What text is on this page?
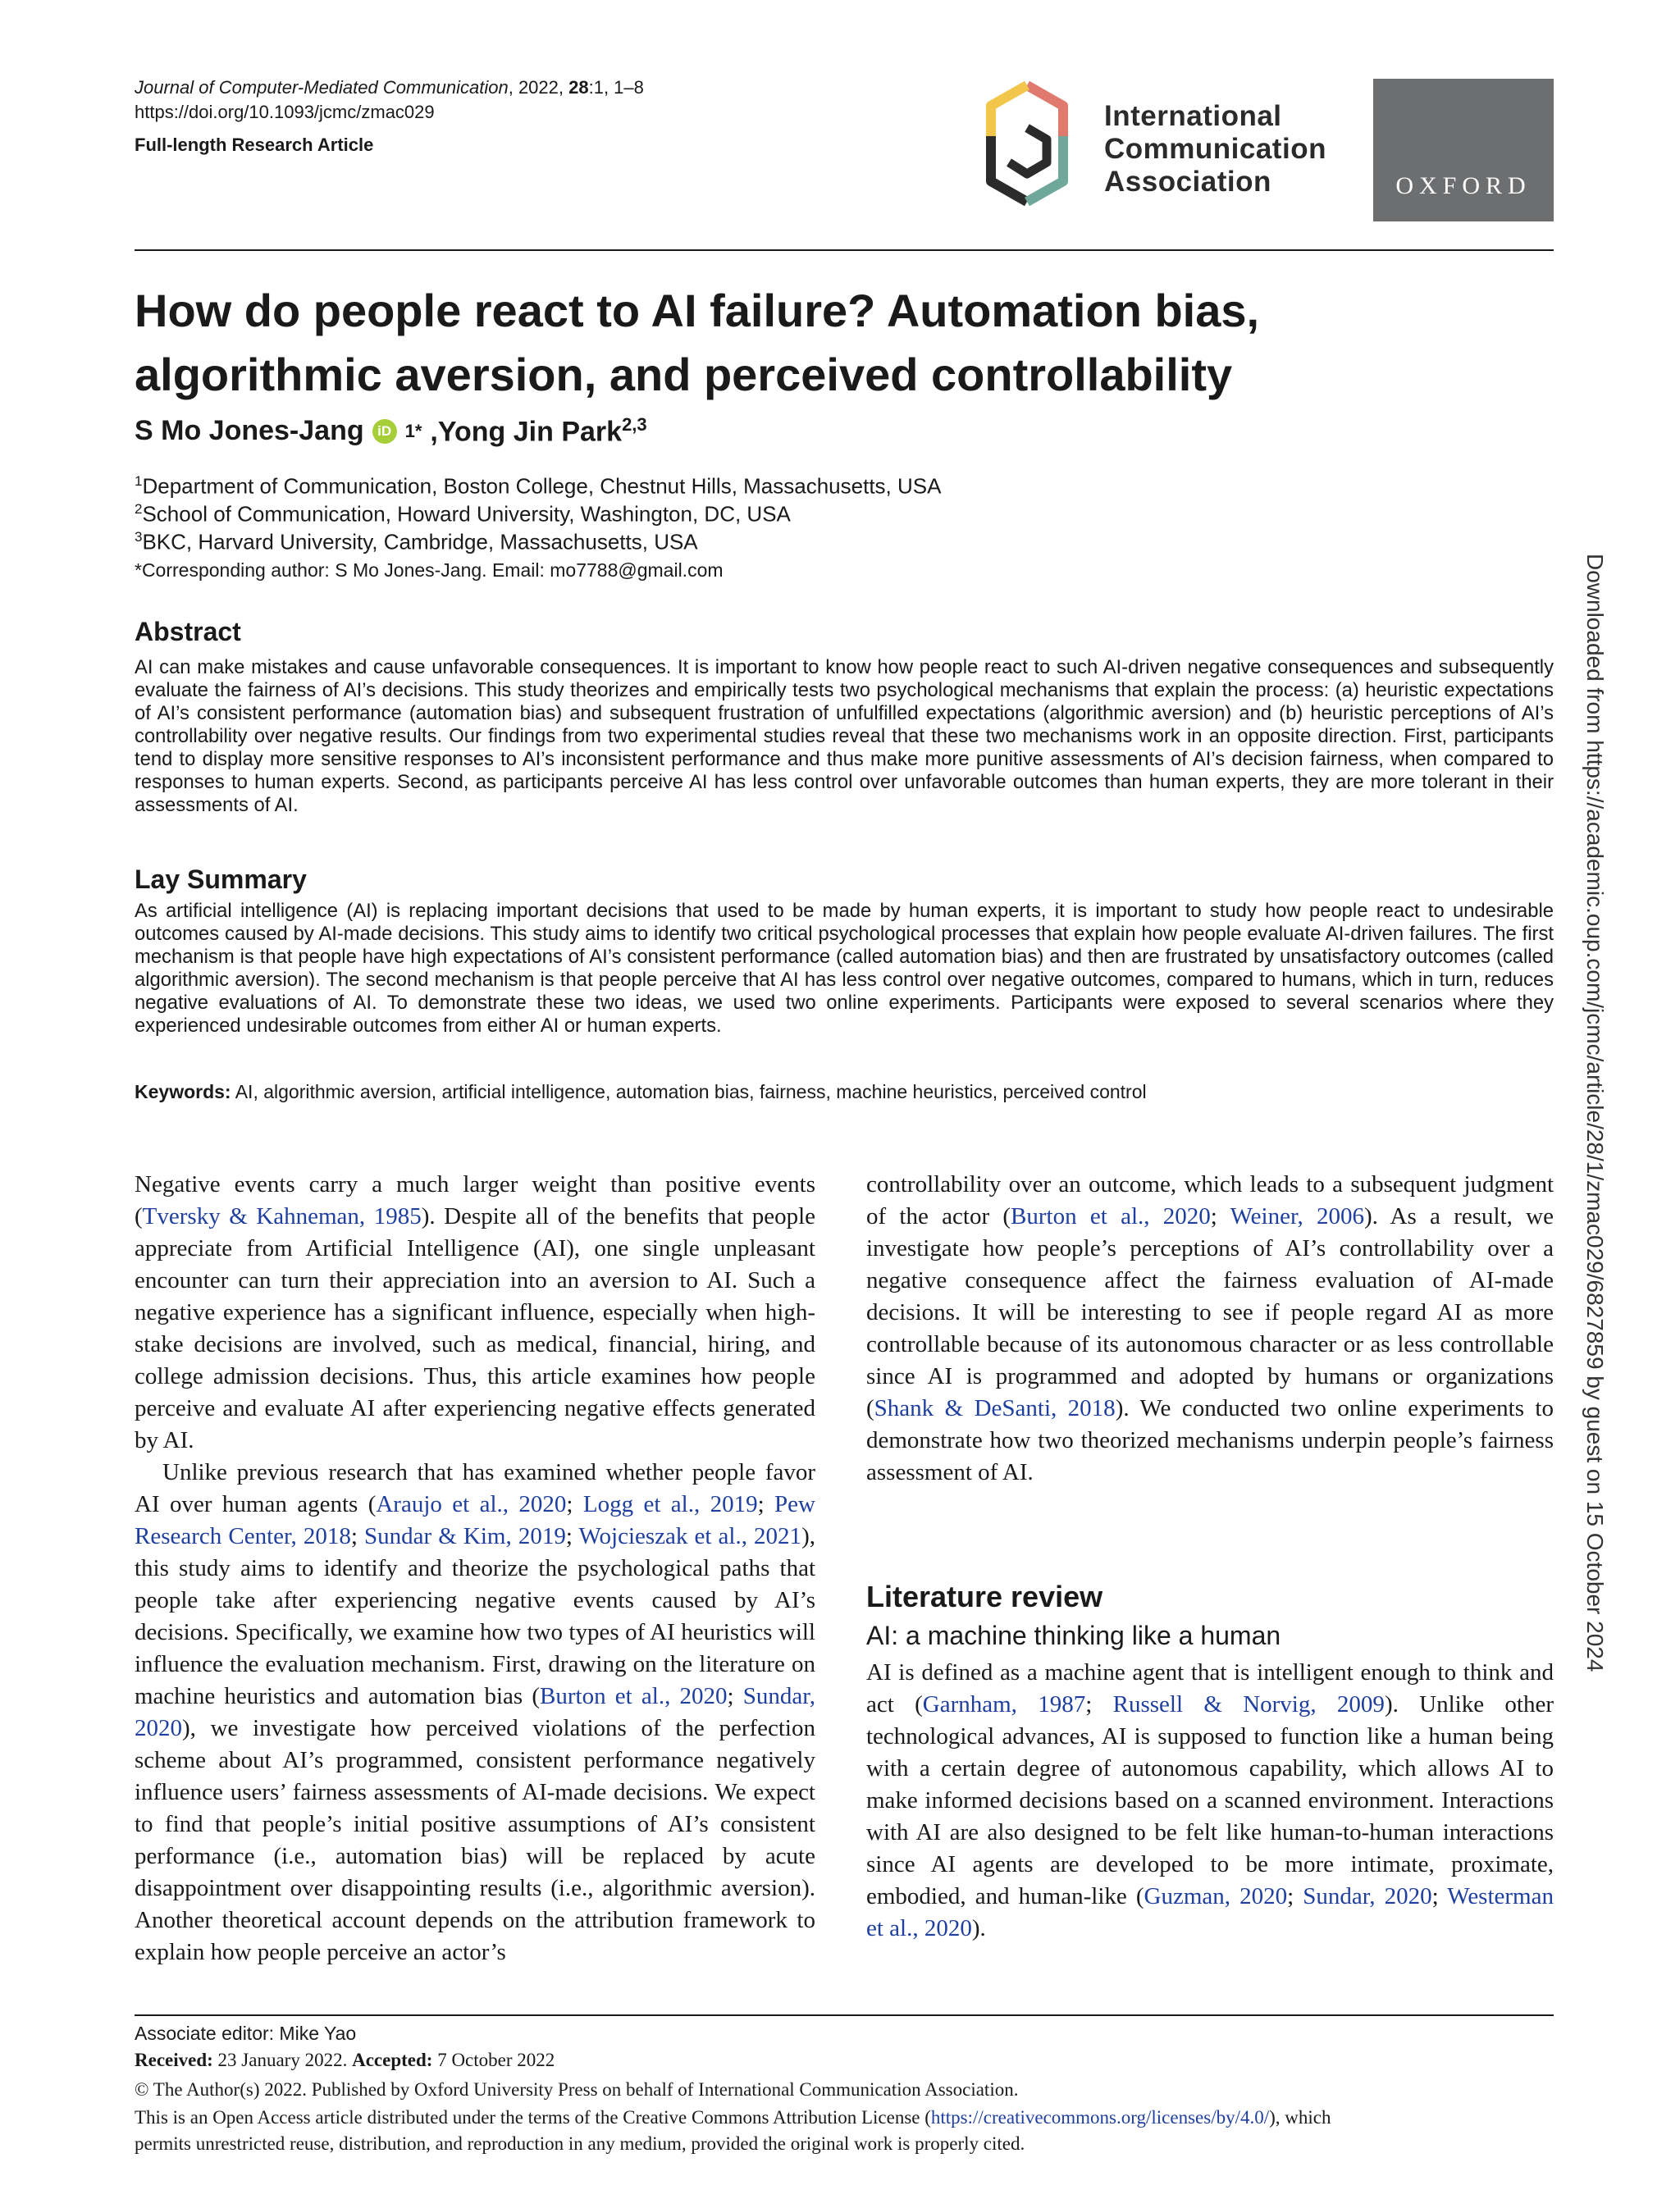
Journal of Computer-Mediated Communication, 2022, 28:1, 1–8
https://doi.org/10.1093/jcmc/zmac029
Full-length Research Article
International
Communication
Association	OXFORD
How do people react to AI failure? Automation bias,
algorithmic aversion, and perceived controllability
S Mo Jones-Jang iD 1* ,Yong Jin Park$^{2,3}$
$^1$Department of Communication, Boston College, Chestnut Hills, Massachusetts, USA
$^2$School of Communication, Howard University, Washington, DC, USA
$^3$BKC, Harvard University, Cambridge, Massachusetts, USA
*Corresponding author: S Mo Jones-Jang. Email: mo7788@gmail.com
Abstract
AI can make mistakes and cause unfavorable consequences. It is important to know how people react to such AI-driven negative consequences and subsequently evaluate the fairness of AI’s decisions. This study theorizes and empirically tests two psychological mechanisms that explain the process: (a) heuristic expectations of AI’s consistent performance (automation bias) and subsequent frustration of unfulfilled expectations (algorithmic aversion) and (b) heuristic perceptions of AI’s controllability over negative results. Our findings from two experimental studies reveal that these two mechanisms work in an opposite direction. First, participants tend to display more sensitive responses to AI’s inconsistent performance and thus make more punitive assessments of AI’s decision fairness, when compared to responses to human experts. Second, as participants perceive AI has less control over unfavorable outcomes than human experts, they are more tolerant in their assessments of AI.
Lay Summary
As artificial intelligence (AI) is replacing important decisions that used to be made by human experts, it is important to study how people react to undesirable outcomes caused by AI-made decisions. This study aims to identify two critical psychological processes that explain how people evaluate AI-driven failures. The first mechanism is that people have high expectations of AI’s consistent performance (called automation bias) and then are frustrated by unsatisfactory outcomes (called algorithmic aversion). The second mechanism is that people perceive that AI has less control over negative outcomes, compared to humans, which in turn, reduces negative evaluations of AI. To demonstrate these two ideas, we used two online experiments. Participants were exposed to several scenarios where they experienced undesirable outcomes from either AI or human experts.
Keywords: AI, algorithmic aversion, artificial intelligence, automation bias, fairness, machine heuristics, perceived control

Negative events carry a much larger weight than positive events (Tversky & Kahneman, 1985). Despite all of the benefits that people appreciate from Artificial Intelligence (AI), one single unpleasant encounter can turn their appreciation into an aversion to AI. Such a negative experience has a significant influence, especially when high-stake decisions are involved, such as medical, financial, hiring, and college admission decisions. Thus, this article examines how people perceive and evaluate AI after experiencing negative effects generated by AI.

Unlike previous research that has examined whether people favor AI over human agents (Araujo et al., 2020; Logg et al., 2019; Pew Research Center, 2018; Sundar & Kim, 2019; Wojcieszak et al., 2021), this study aims to identify and theorize the psychological paths that people take after experiencing negative events caused by AI’s decisions. Specifically, we examine how two types of AI heuristics will influence the evaluation mechanism. First, drawing on the literature on machine heuristics and automation bias (Burton et al., 2020; Sundar, 2020), we investigate how perceived violations of the perfection scheme about AI’s programmed, consistent performance negatively influence users’ fairness assessments of AI-made decisions. We expect to find that people’s initial positive assumptions of AI’s consistent performance (i.e., automation bias) will be replaced by acute disappointment over disappointing results (i.e., algorithmic aversion). Another theoretical account depends on the attribution framework to explain how people perceive an actor’s

controllability over an outcome, which leads to a subsequent judgment of the actor (Burton et al., 2020; Weiner, 2006). As a result, we investigate how people’s perceptions of AI’s controllability over a negative consequence affect the fairness evaluation of AI-made decisions. It will be interesting to see if people regard AI as more controllable because of its autonomous character or as less controllable since AI is programmed and adopted by humans or organizations (Shank & DeSanti, 2018). We conducted two online experiments to demonstrate how two theorized mechanisms underpin people’s fairness assessment of AI.

Literature review
AI: a machine thinking like a human

AI is defined as a machine agent that is intelligent enough to think and act (Garnham, 1987; Russell & Norvig, 2009). Unlike other technological advances, AI is supposed to function like a human being with a certain degree of autonomous capability, which allows AI to make informed decisions based on a scanned environment. Interactions with AI are also designed to be felt like human-to-human interactions since AI agents are developed to be more intimate, proximate, embodied, and human-like (Guzman, 2020; Sundar, 2020; Westerman et al., 2020).

Associate editor: Mike Yao
Received: 23 January 2022. Accepted: 7 October 2022
© The Author(s) 2022. Published by Oxford University Press on behalf of International Communication Association.
This is an Open Access article distributed under the terms of the Creative Commons Attribution License (https://creativecommons.org/licenses/by/4.0/), which
permits unrestricted reuse, distribution, and reproduction in any medium, provided the original work is properly cited.
Downloaded from https://academic.oup.com/jcmc/article/28/1/zmac029/6827859 by guest on 15 October 2024
